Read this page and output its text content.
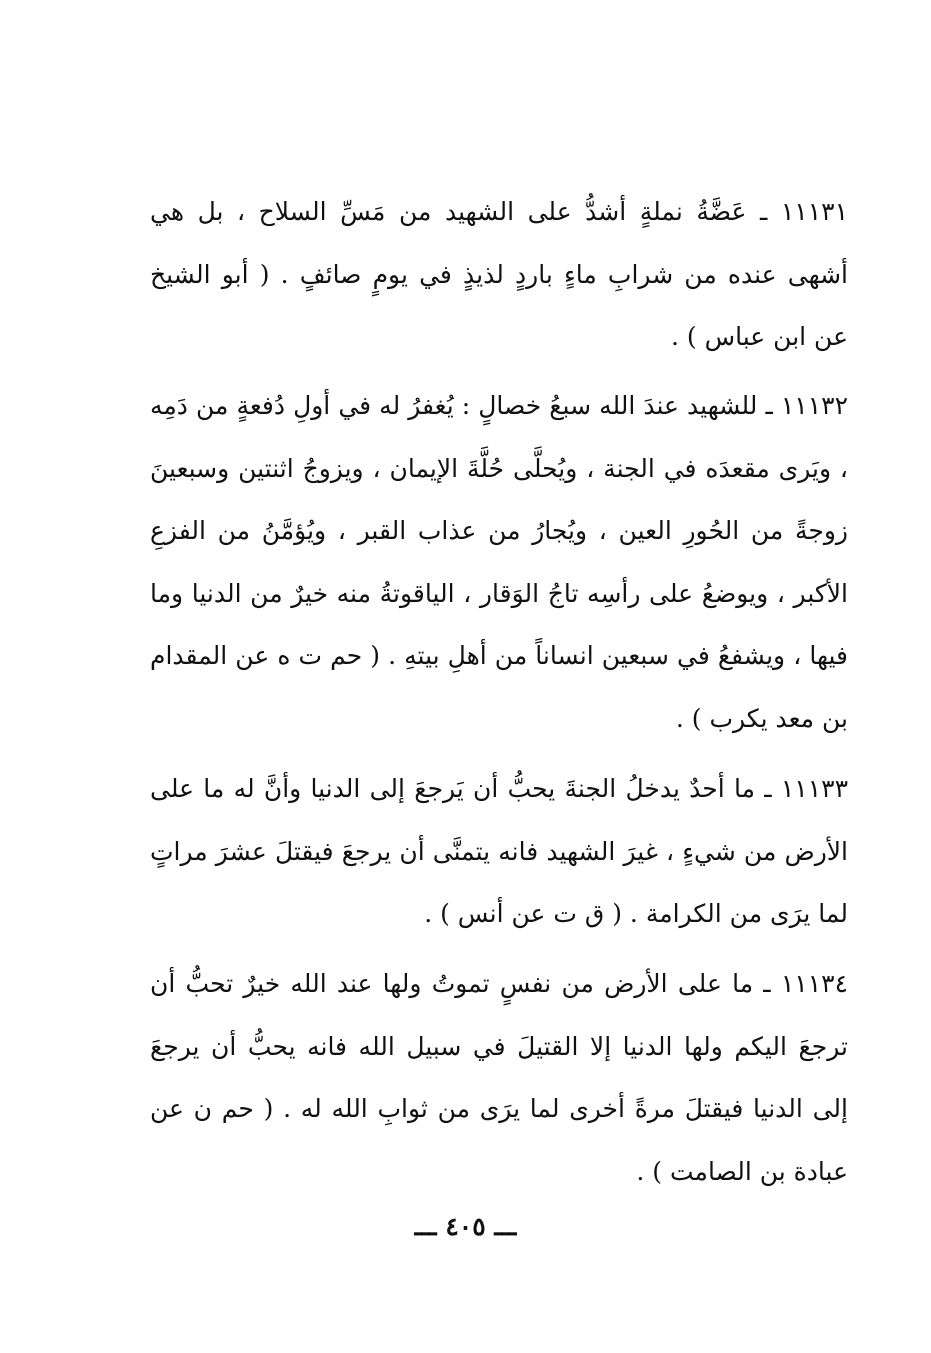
١١١٣١ ـ عَضَّةُ نملةٍ أشدُّ على الشهيد من مَسِّ السلاح ، بل هي أشهى عنده من شرابِ ماءٍ باردٍ لذيذٍ في يومٍ صائفٍ . ( أبو الشيخ عن ابن عباس ) .

١١١٣٢ ـ للشهيد عندَ الله سبعُ خصالٍ : يُغفرُ له في أولِ دُفعةٍ من دَمِه ، ويَرى مقعدَه في الجنة ، ويُحلَّى حُلَّةَ الإيمان ، ويزوجُ اثنتين وسبعينَ زوجةً من الحُورِ العين ، ويُجارُ من عذاب القبر ، ويُؤمَّنُ من الفزعِ الأكبر ، ويوضعُ على رأسِه تاجُ الوَقار ، الياقوتةُ منه خيرٌ من الدنيا وما فيها ، ويشفعُ في سبعين انساناً من أهلِ بيتهِ . ( حم ت ه عن المقدام بن معد يكرب ) .

١١١٣٣ ـ ما أحدٌ يدخلُ الجنةَ يحبُّ أن يَرجعَ إلى الدنيا وأنَّ له ما على الأرض من شيءٍ ، غيرَ الشهيد فانه يتمنَّى أن يرجعَ فيقتلَ عشرَ مراتٍ لما يرَى من الكرامة . ( ق ت عن أنس ) .

١١١٣٤ ـ ما على الأرض من نفسٍ تموتُ ولها عند الله خيرٌ تحبُّ أن ترجعَ اليكم ولها الدنيا إلا القتيلَ في سبيل الله فانه يحبُّ أن يرجعَ إلى الدنيا فيقتلَ مرةً أخرى لما يرَى من ثوابِ الله له . ( حم ن عن عبادة بن الصامت ) .

ـــ ٤٠٥ ـــ
